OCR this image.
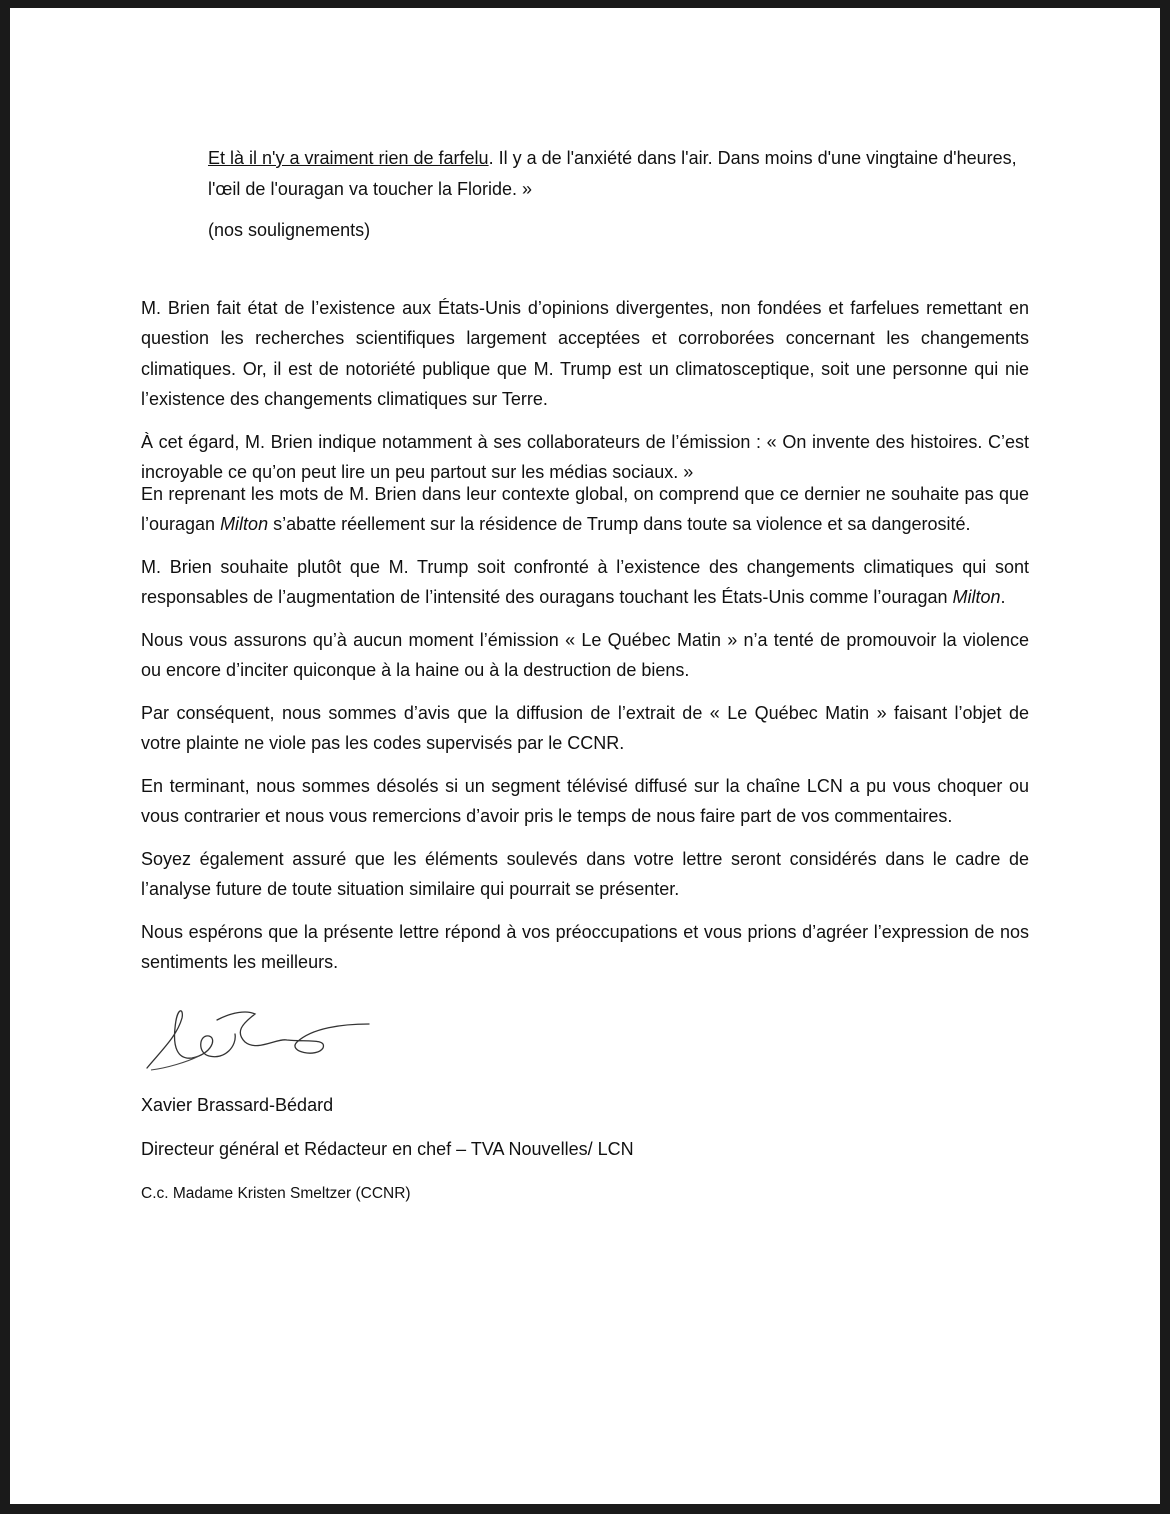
Et là il n'y a vraiment rien de farfelu. Il y a de l'anxiété dans l'air. Dans moins d'une vingtaine d'heures, l'œil de l'ouragan va toucher la Floride. »

(nos soulignements)

M. Brien fait état de l’existence aux États-Unis d’opinions divergentes, non fondées et farfelues remettant en question les recherches scientifiques largement acceptées et corroborées concernant les changements climatiques. Or, il est de notoriété publique que M. Trump est un climatosceptique, soit une personne qui nie l’existence des changements climatiques sur Terre.

À cet égard, M. Brien indique notamment à ses collaborateurs de l’émission : « On invente des histoires. C’est incroyable ce qu’on peut lire un peu partout sur les médias sociaux. »

En reprenant les mots de M. Brien dans leur contexte global, on comprend que ce dernier ne souhaite pas que l’ouragan Milton s’abatte réellement sur la résidence de Trump dans toute sa violence et sa dangerosité.

M. Brien souhaite plutôt que M. Trump soit confronté à l’existence des changements climatiques qui sont responsables de l’augmentation de l’intensité des ouragans touchant les États-Unis comme l’ouragan Milton.

Nous vous assurons qu’à aucun moment l’émission « Le Québec Matin » n’a tenté de promouvoir la violence ou encore d’inciter quiconque à la haine ou à la destruction de biens.

Par conséquent, nous sommes d’avis que la diffusion de l’extrait de « Le Québec Matin » faisant l’objet de votre plainte ne viole pas les codes supervisés par le CCNR.

En terminant, nous sommes désolés si un segment télévisé diffusé sur la chaîne LCN a pu vous choquer ou vous contrarier et nous vous remercions d’avoir pris le temps de nous faire part de vos commentaires.

Soyez également assuré que les éléments soulevés dans votre lettre seront considérés dans le cadre de l’analyse future de toute situation similaire qui pourrait se présenter.

Nous espérons que la présente lettre répond à vos préoccupations et vous prions d’agréer l’expression de nos sentiments les meilleurs.

Xavier Brassard-Bédard

Directeur général et Rédacteur en chef – TVA Nouvelles/ LCN

C.c. Madame Kristen Smeltzer (CCNR)
